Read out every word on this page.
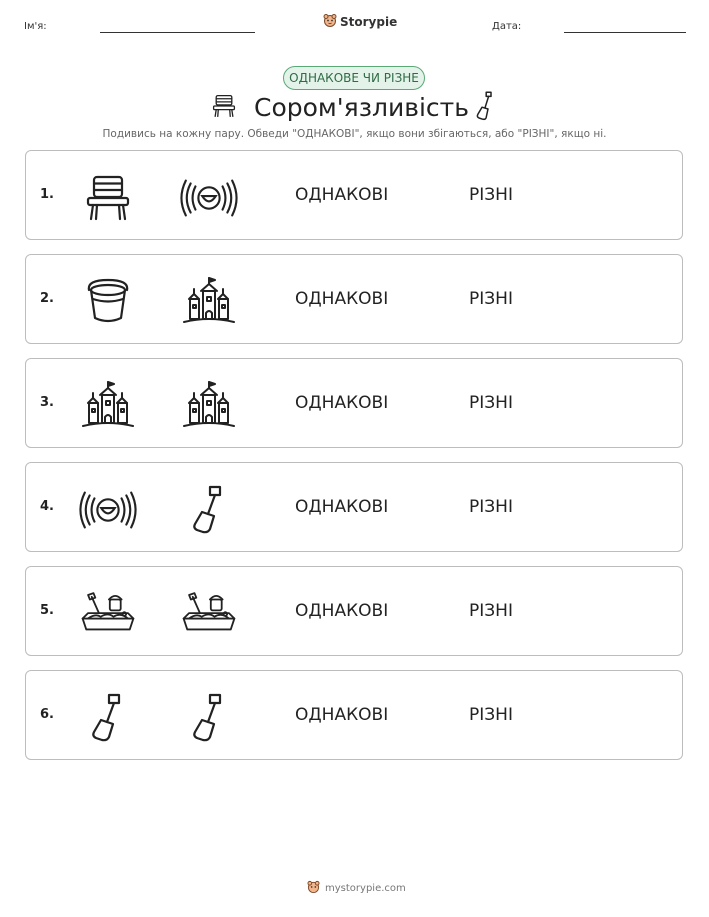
Ім'я:	Storypie	Дата:
ОДНАКОВЕ ЧИ РІЗНЕ
Сором'язливість
Подивись на кожну пару. Обведи "ОДНАКОВІ", якщо вони збігаються, або "РІЗНІ", якщо ні.
1.	ОДНАКОВІ	РІЗНІ
2.	ОДНАКОВІ	РІЗНІ
3.	ОДНАКОВІ	РІЗНІ
4.	ОДНАКОВІ	РІЗНІ
5.	ОДНАКОВІ	РІЗНІ
6.	ОДНАКОВІ	РІЗНІ
mystorypie.com
